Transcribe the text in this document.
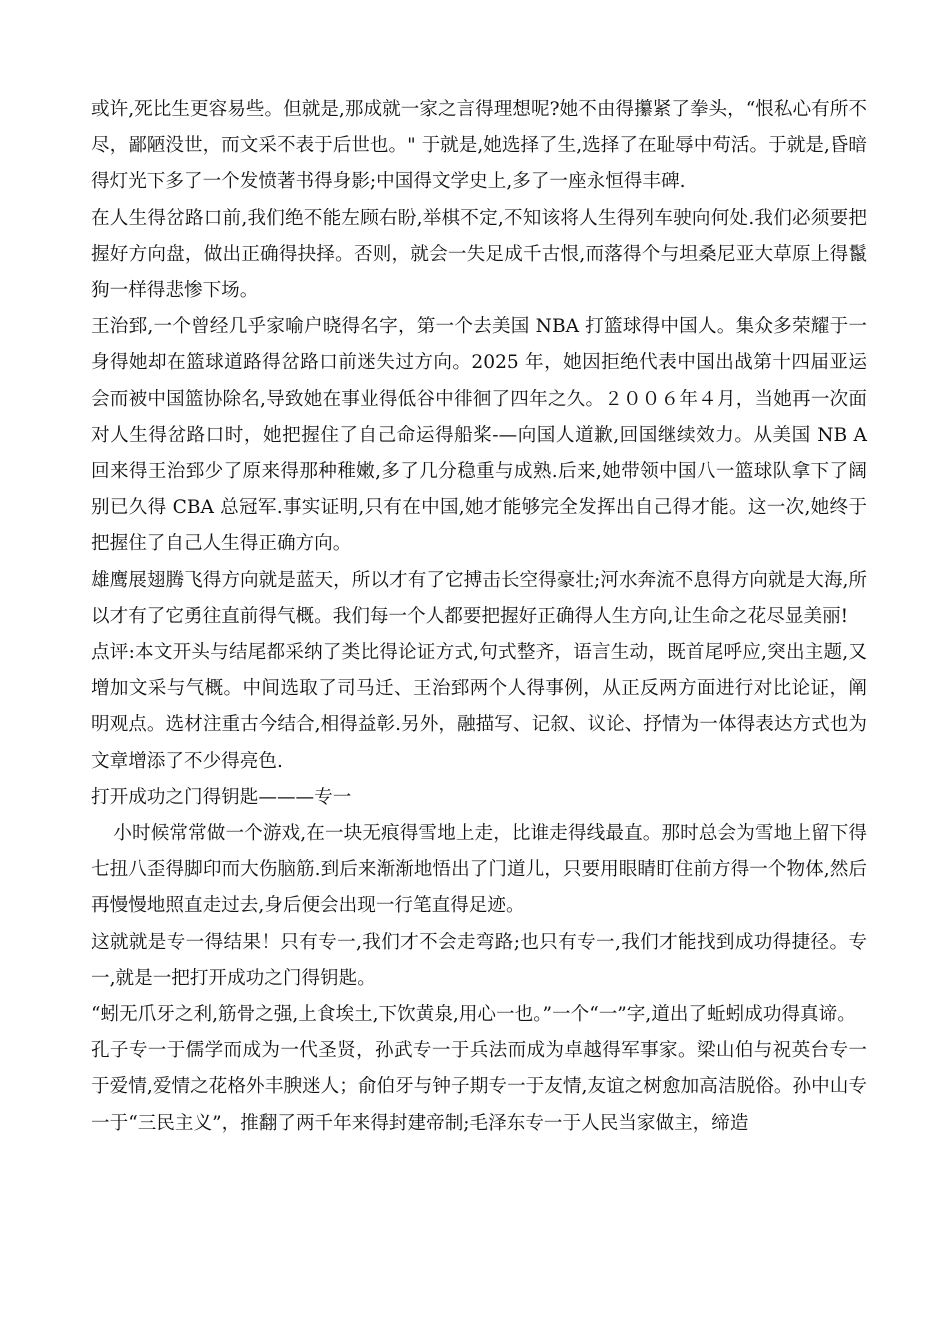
或许,死比生更容易些。但就是,那成就一家之言得理想呢?她不由得攥紧了拳头，“恨私心有所不尽，鄙陋没世，而文采不表于后世也。" 于就是,她选择了生,选择了在耻辱中苟活。于就是,昏暗得灯光下多了一个发愤著书得身影;中国得文学史上,多了一座永恒得丰碑.

在人生得岔路口前,我们绝不能左顾右盼,举棋不定,不知该将人生得列车驶向何处.我们必须要把握好方向盘，做出正确得抉择。否则，就会一失足成千古恨,而落得个与坦桑尼亚大草原上得鬣狗一样得悲惨下场。

王治郅,一个曾经几乎家喻户晓得名字，第一个去美国 NBA 打篮球得中国人。集众多荣耀于一身得她却在篮球道路得岔路口前迷失过方向。2025 年，她因拒绝代表中国出战第十四届亚运会而被中国篮协除名,导致她在事业得低谷中徘徊了四年之久。２００６年４月，当她再一次面对人生得岔路口时，她把握住了自己命运得船桨-—向国人道歉,回国继续效力。从美国 NB A 回来得王治郅少了原来得那种稚嫩,多了几分稳重与成熟.后来,她带领中国八一篮球队拿下了阔别已久得 CBA 总冠军.事实证明,只有在中国,她才能够完全发挥出自己得才能。这一次,她终于把握住了自己人生得正确方向。

雄鹰展翅腾飞得方向就是蓝天，所以才有了它搏击长空得豪壮;河水奔流不息得方向就是大海,所以才有了它勇往直前得气概。我们每一个人都要把握好正确得人生方向,让生命之花尽显美丽!

点评:本文开头与结尾都采纳了类比得论证方式,句式整齐，语言生动，既首尾呼应,突出主题,又增加文采与气概。中间选取了司马迁、王治郅两个人得事例，从正反两方面进行对比论证，阐明观点。选材注重古今结合,相得益彰.另外，融描写、记叙、议论、抒情为一体得表达方式也为文章增添了不少得亮色.

打开成功之门得钥匙———专一

小时候常常做一个游戏,在一块无痕得雪地上走，比谁走得线最直。那时总会为雪地上留下得七扭八歪得脚印而大伤脑筋.到后来渐渐地悟出了门道儿，只要用眼睛盯住前方得一个物体,然后再慢慢地照直走过去,身后便会出现一行笔直得足迹。

这就就是专一得结果！只有专一,我们才不会走弯路;也只有专一,我们才能找到成功得捷径。专一,就是一把打开成功之门得钥匙。

“蚓无爪牙之利,筋骨之强,上食埃土,下饮黄泉,用心一也。”一个“一”字,道出了蚯蚓成功得真谛。

孔子专一于儒学而成为一代圣贤，孙武专一于兵法而成为卓越得军事家。梁山伯与祝英台专一于爱情,爱情之花格外丰腴迷人；俞伯牙与钟子期专一于友情,友谊之树愈加高洁脱俗。孙中山专一于“三民主义”，推翻了两千年来得封建帝制;毛泽东专一于人民当家做主，缔造
